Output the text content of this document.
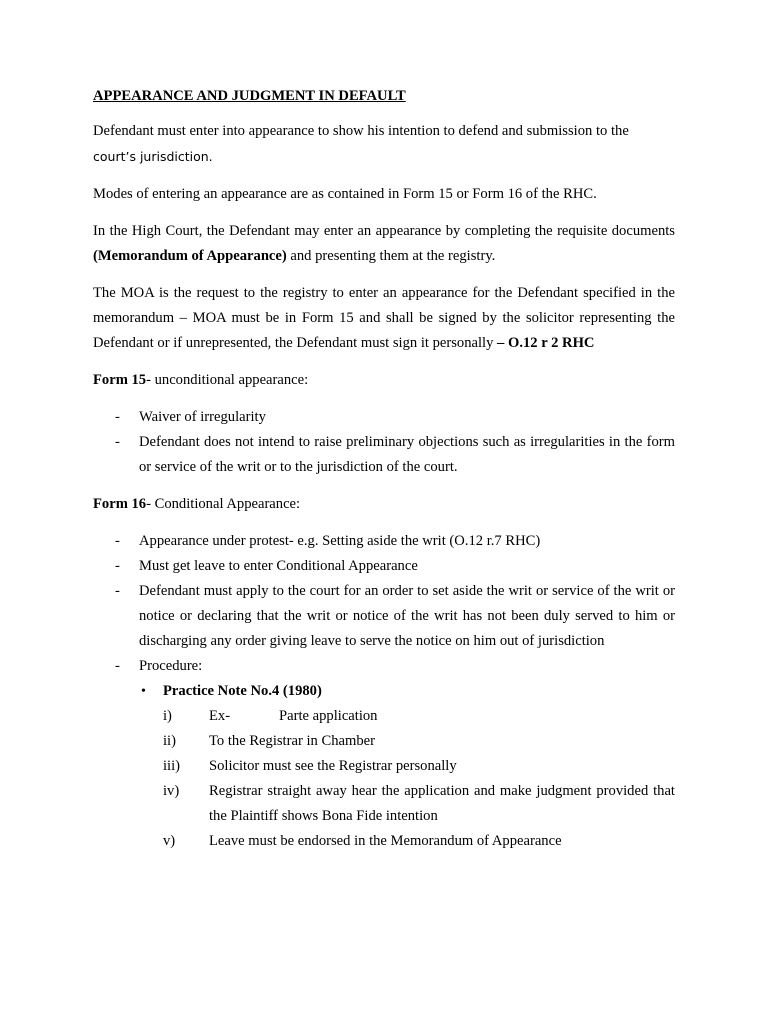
APPEARANCE AND JUDGMENT IN DEFAULT

Defendant must enter into appearance to show his intention to defend and submission to the
court’s jurisdiction.

Modes of entering an appearance are as contained in Form 15 or Form 16 of the RHC.

In the High Court, the Defendant may enter an appearance by completing the requisite documents (Memorandum of Appearance) and presenting them at the registry.

The MOA is the request to the registry to enter an appearance for the Defendant specified in the memorandum – MOA must be in Form 15 and shall be signed by the solicitor representing the Defendant or if unrepresented, the Defendant must sign it personally – O.12 r 2 RHC

Form 15- unconditional appearance:

- Waiver of irregularity
- Defendant does not intend to raise preliminary objections such as irregularities in the form or service of the writ or to the jurisdiction of the court.

Form 16- Conditional Appearance:

- Appearance under protest- e.g. Setting aside the writ (O.12 r.7 RHC)
- Must get leave to enter Conditional Appearance
- Defendant must apply to the court for an order to set aside the writ or service of the writ or notice or declaring that the writ or notice of the writ has not been duly served to him or discharging any order giving leave to serve the notice on him out of jurisdiction
- Procedure:
• Practice Note No.4 (1980)
i)	Ex-	Parte application
ii) To the Registrar in Chamber
iii) Solicitor must see the Registrar personally
iv) Registrar straight away hear the application and make judgment provided that the Plaintiff shows Bona Fide intention
v) Leave must be endorsed in the Memorandum of Appearance
